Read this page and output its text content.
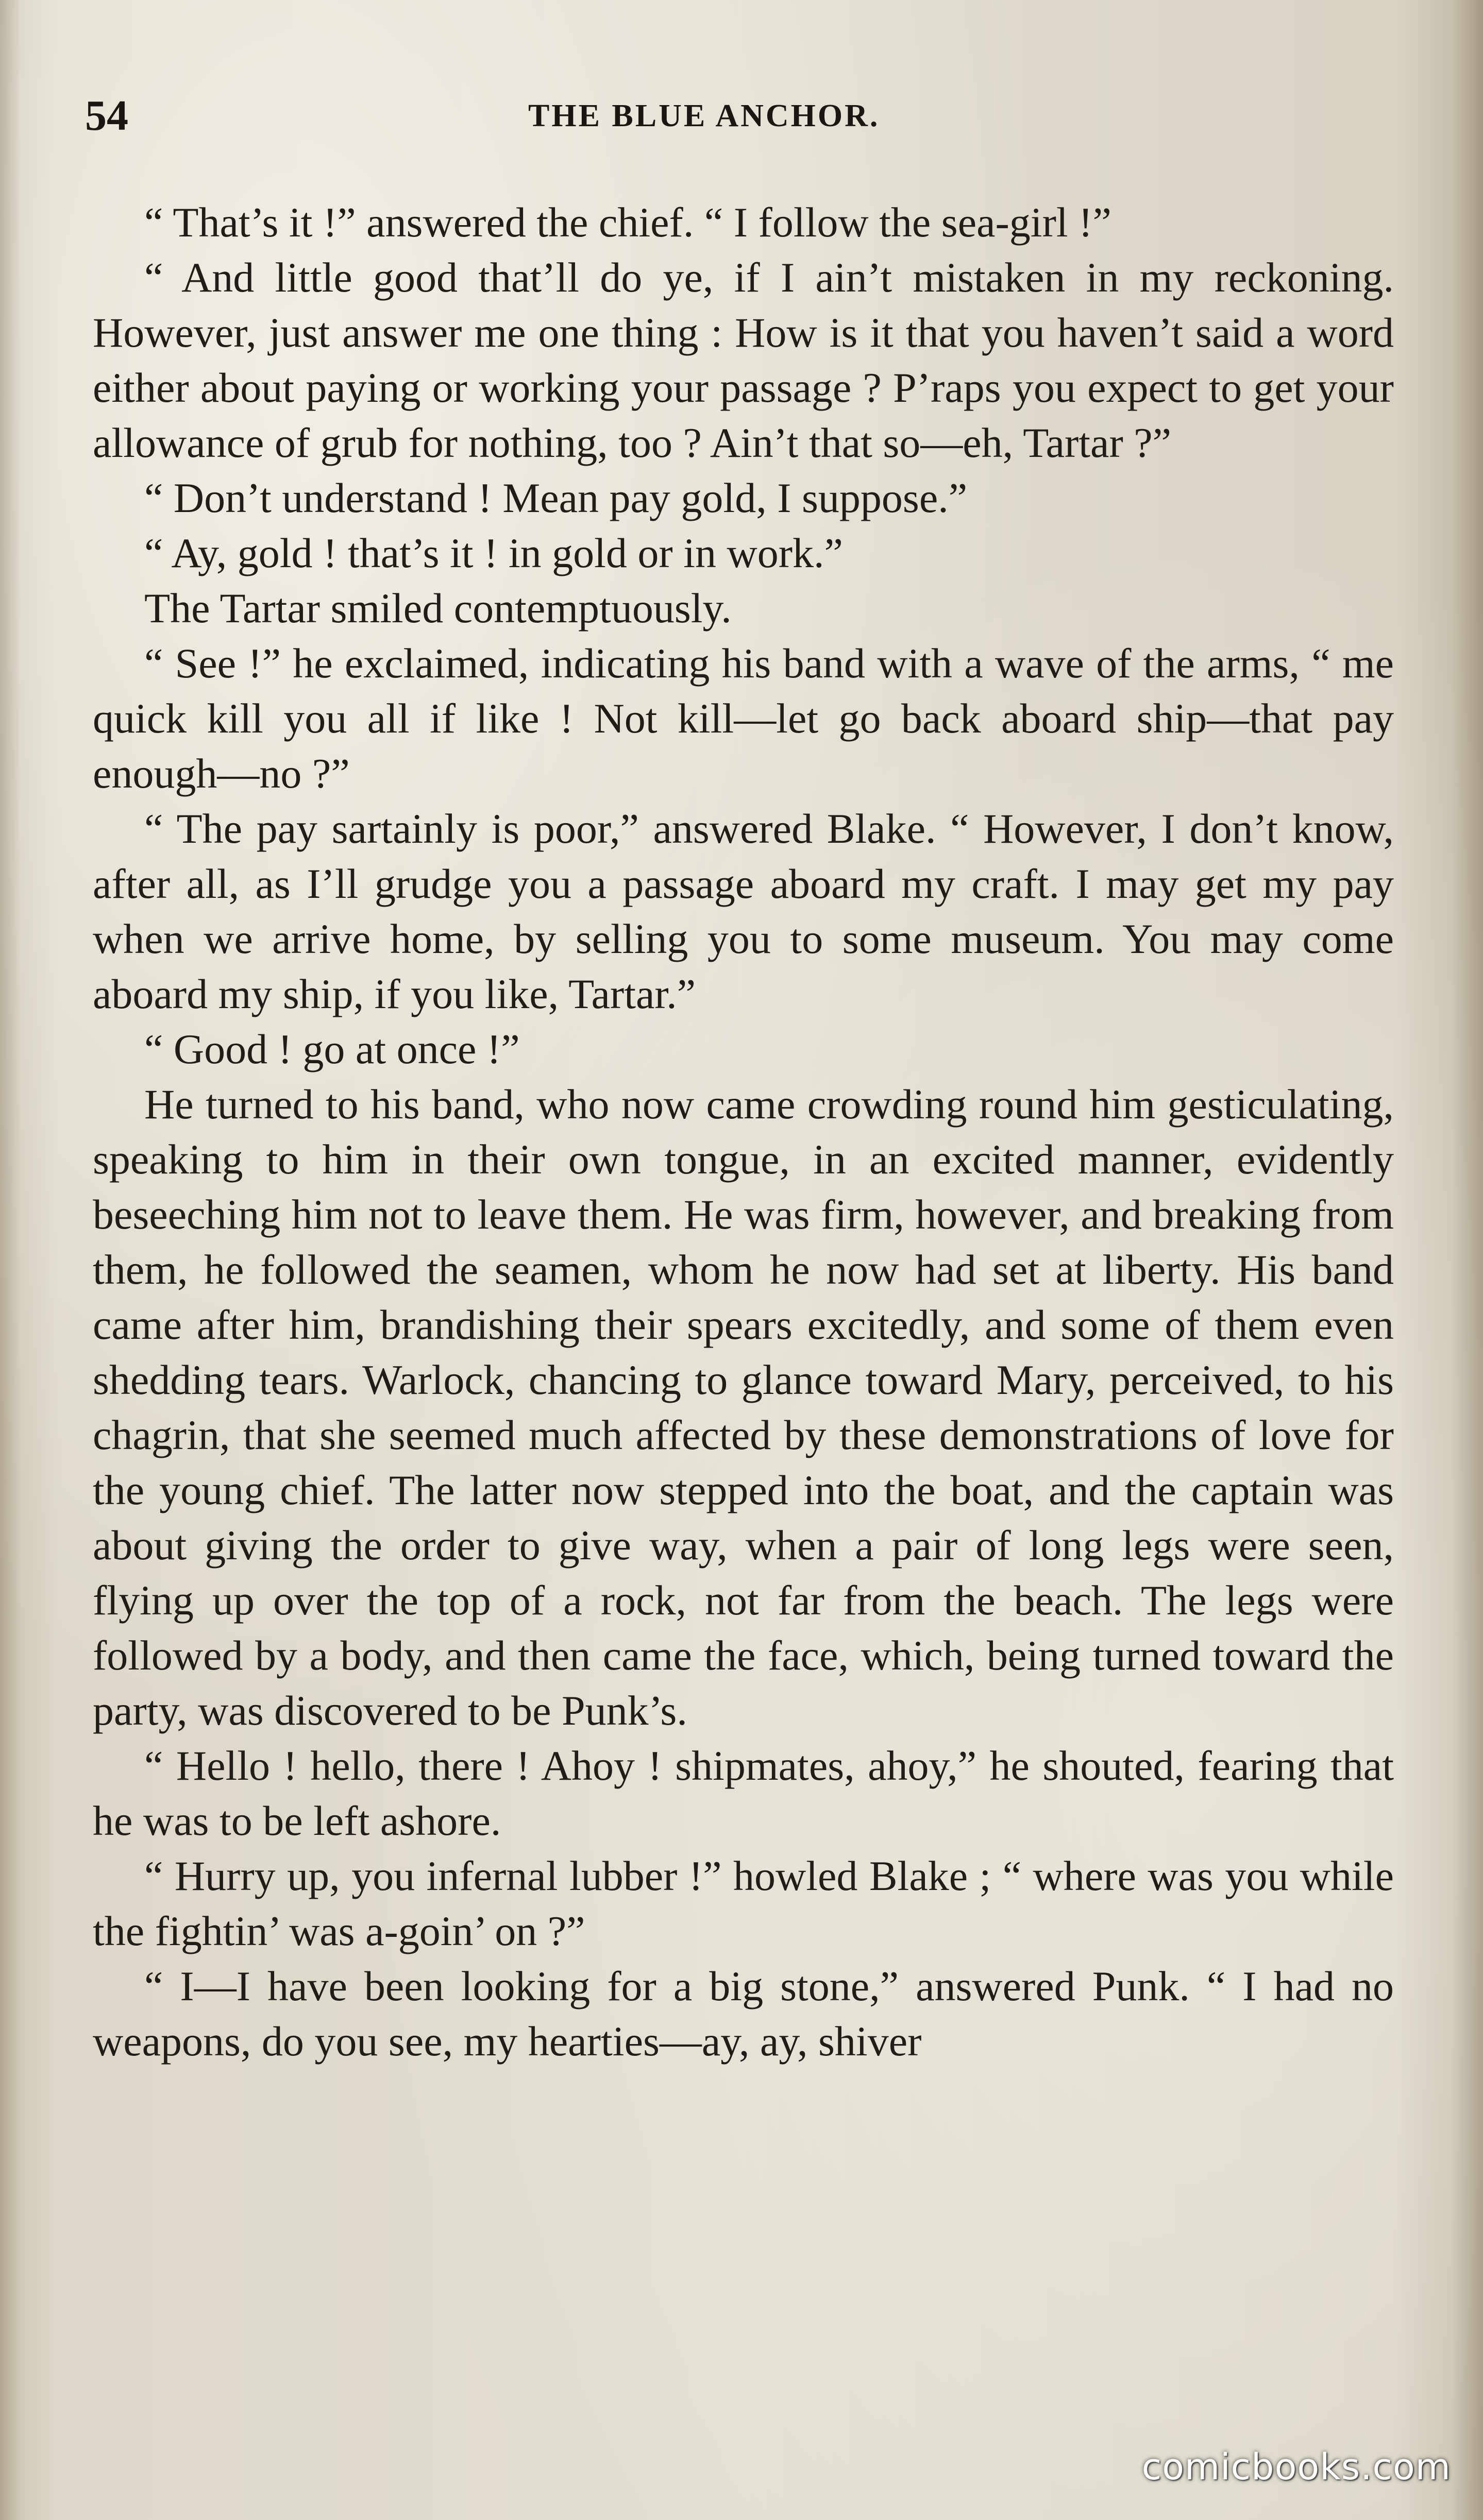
54	THE BLUE ANCHOR.

“ That’s it !” answered the chief. “ I follow the sea-girl !”

“ And little good that’ll do ye, if I ain’t mistaken in my reckoning. However, just answer me one thing : How is it that you haven’t said a word either about paying or working your passage ? P’raps you expect to get your allowance of grub for nothing, too ? Ain’t that so—eh, Tartar ?”

“ Don’t understand ! Mean pay gold, I suppose.”

“ Ay, gold ! that’s it ! in gold or in work.”

The Tartar smiled contemptuously.

“ See !” he exclaimed, indicating his band with a wave of the arms, “ me quick kill you all if like ! Not kill—let go back aboard ship—that pay enough—no ?”

“ The pay sartainly is poor,” answered Blake. “ However, I don’t know, after all, as I’ll grudge you a passage aboard my craft. I may get my pay when we arrive home, by selling you to some museum. You may come aboard my ship, if you like, Tartar.”

“ Good ! go at once !”

He turned to his band, who now came crowding round him gesticulating, speaking to him in their own tongue, in an excited manner, evidently beseeching him not to leave them. He was firm, however, and breaking from them, he followed the seamen, whom he now had set at liberty. His band came after him, brandishing their spears excitedly, and some of them even shedding tears. Warlock, chancing to glance toward Mary, perceived, to his chagrin, that she seemed much affected by these demonstrations of love for the young chief. The latter now stepped into the boat, and the captain was about giving the order to give way, when a pair of long legs were seen, flying up over the top of a rock, not far from the beach. The legs were followed by a body, and then came the face, which, being turned toward the party, was discovered to be Punk’s.

“ Hello ! hello, there ! Ahoy ! shipmates, ahoy,” he shouted, fearing that he was to be left ashore.

“ Hurry up, you infernal lubber !” howled Blake ; “ where was you while the fightin’ was a-goin’ on ?”

“ I—I have been looking for a big stone,” answered Punk. “ I had no weapons, do you see, my hearties—ay, ay, shiver

comicbooks.com
